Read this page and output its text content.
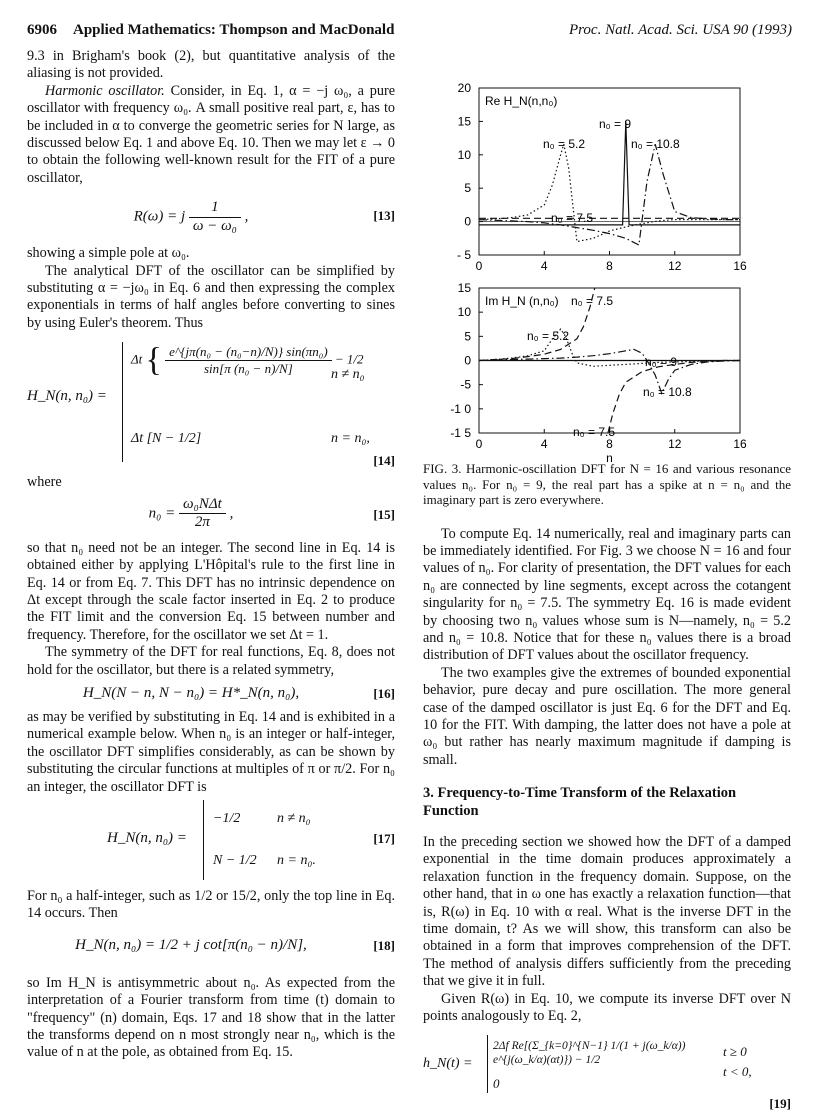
6906 Applied Mathematics: Thompson and MacDonald	Proc. Natl. Acad. Sci. USA 90 (1993)

9.3 in Brigham's book (2), but quantitative analysis of the aliasing is not provided.

Harmonic oscillator. Consider, in Eq. 1, α = −j ω₀, a pure oscillator with frequency ω₀. A small positive real part, ε, has to be included in α to converge the geometric series for N large, as discussed below Eq. 1 and above Eq. 10. Then we may let ε → 0 to obtain the following well-known result for the FIT of a pure oscillator,

R(ω) = j $\frac{1}{\text{ω − ω₀}}$ ,	[13]

showing a simple pole at ω₀.

The analytical DFT of the oscillator can be simplified by substituting α = −jω₀ in Eq. 6 and then expressing the complex exponentials in terms of half angles before converting to sines by using Euler's theorem. Thus

H_N(n, n₀) =
Δt { $\frac{\text{e\textasciicircum{}\{jπ(n₀ − (n₀−n)/N)\} sin(πn₀)}}{\text{sin[π (n₀ − n)/N]}} - 1/2$
n ≠ n₀
Δt [N − 1/2]	n = n₀,
[14]

where

$n_0 = \frac{\text{ω₀NΔt}}{2\pi}$ ,	[15]

so that n₀ need not be an integer. The second line in Eq. 14 is obtained either by applying L'Hôpital's rule to the first line in Eq. 14 or from Eq. 7. This DFT has no intrinsic dependence on Δt except through the scale factor inserted in Eq. 2 to produce the FIT limit and the conversion Eq. 15 between number and frequency. Therefore, for the oscillator we set Δt = 1.

The symmetry of the DFT for real functions, Eq. 8, does not hold for the oscillator, but there is a related symmetry,

H_N(N − n, N − n₀) = H*_N(n, n₀),	[16]

as may be verified by substituting in Eq. 14 and is exhibited in a numerical example below. When n₀ is an integer or half-integer, the oscillator DFT simplifies considerably, as can be shown by substituting the circular functions at multiples of π or π/2. For n₀ an integer, the oscillator DFT is

H_N(n, n₀) =
−1/2	n ≠ n₀
N − 1/2 n = n₀.
[17]

For n₀ a half-integer, such as 1/2 or 15/2, only the top line in Eq. 14 occurs. Then

H_N(n, n₀) = 1/2 + j cot[π(n₀ − n)/N],	[18]

so Im H_N is antisymmetric about n₀. As expected from the interpretation of a Fourier transform from time (t) domain to "frequency" (n) domain, Eqs. 17 and 18 show that in the latter the transforms depend on n most strongly near n₀, which is the value of n at the pole, as obtained from Eq. 15.

0	4	8	12	16
20
15
10
5
0
- 5
Re H_N(n,n₀)
n₀ = 5.2
n₀ = 9
n₀ = 10.8
n₀ = 7.5
0	4	8	12	16
15
10
5
0
-5
-1 0
-1 5
Im H_N (n,n₀)
n
n₀ = 7.5
n₀ = 5.2
n₀ = 9
n₀ = 10.8
n₀ = 7.5

FIG. 3. Harmonic-oscillation DFT for N = 16 and various resonance values n₀. For n₀ = 9, the real part has a spike at n = n₀ and the imaginary part is zero everywhere.

To compute Eq. 14 numerically, real and imaginary parts can be immediately identified. For Fig. 3 we choose N = 16 and four values of n₀. For clarity of presentation, the DFT values for each n₀ are connected by line segments, except across the cotangent singularity for n₀ = 7.5. The symmetry Eq. 16 is made evident by choosing two n₀ values whose sum is N—namely, n₀ = 5.2 and n₀ = 10.8. Notice that for these n₀ values there is a broad distribution of DFT values about the oscillator frequency.

The two examples give the extremes of bounded exponential behavior, pure decay and pure oscillation. The more general case of the damped oscillator is just Eq. 6 for the DFT and Eq. 10 for the FIT. With damping, the latter does not have a pole at ω₀ but rather has nearly maximum magnitude if damping is small.

3. Frequency-to-Time Transform of the Relaxation Function

In the preceding section we showed how the DFT of a damped exponential in the time domain produces approximately a relaxation function in the frequency domain. Suppose, on the other hand, that in ω one has exactly a relaxation function—that is, R(ω) in Eq. 10 with α real. What is the inverse DFT in the time domain, t? As we will show, this transform can also be obtained in a form that improves comprehension of the DFT. The method of analysis differs sufficiently from the preceding that we give it in full.

Given R(ω) in Eq. 10, we compute its inverse DFT over N points analogously to Eq. 2,

h_N(t) =
2Δf Re[(Σ_{k=0}^{N−1} 1/(1 + j(ω_k/α)) e^{j(ω_k/α)(αt)}) − 1/2
t ≥ 0
0
t < 0,
[19]
